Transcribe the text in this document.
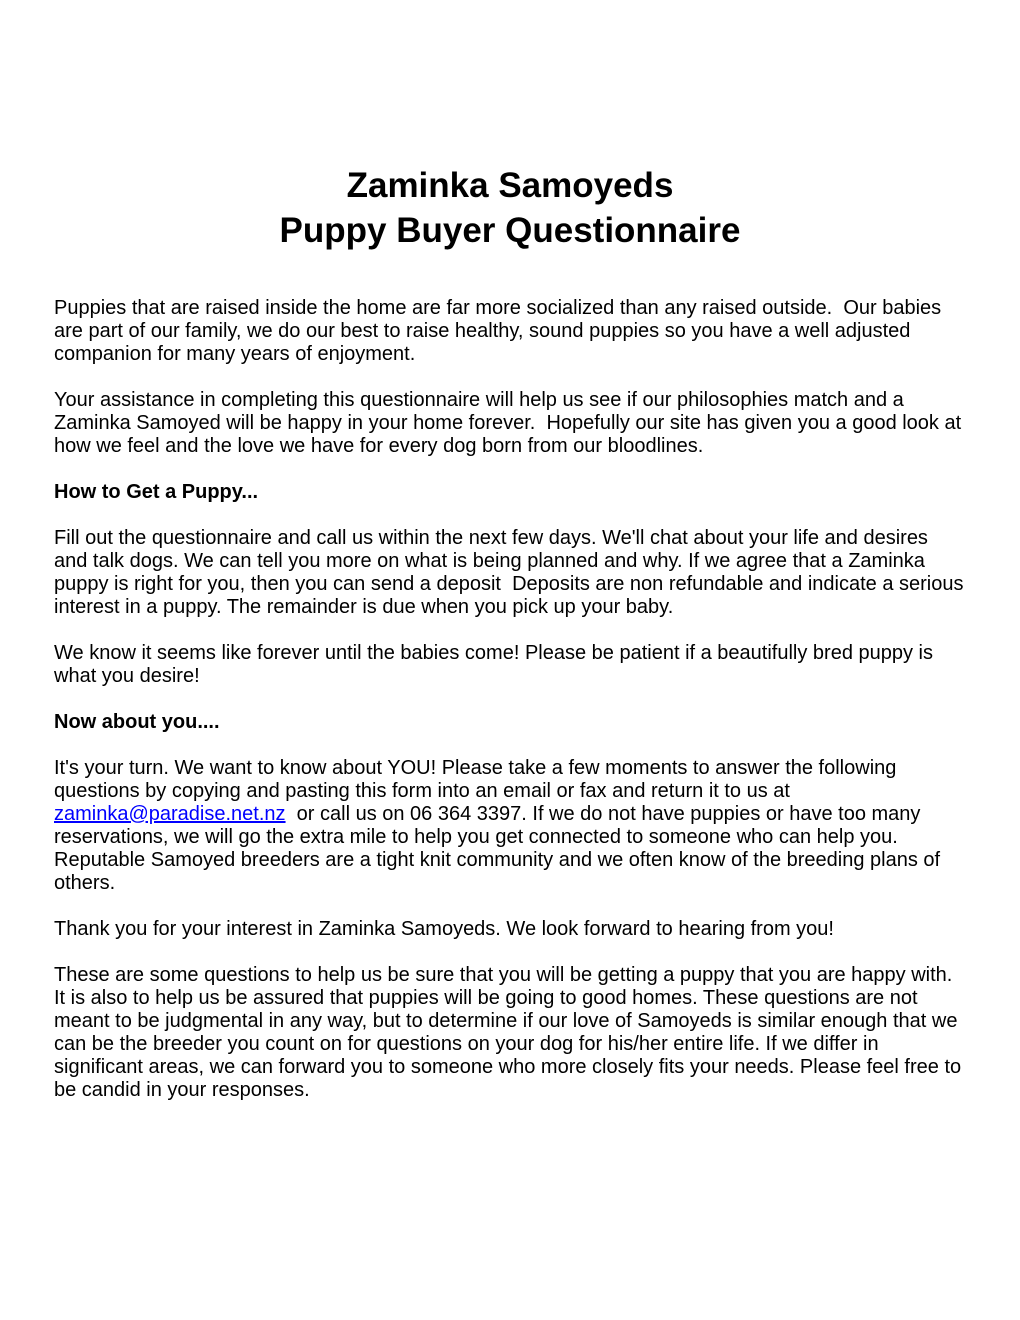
Zaminka Samoyeds
Puppy Buyer Questionnaire

Puppies that are raised inside the home are far more socialized than any raised outside.  Our babies are part of our family, we do our best to raise healthy, sound puppies so you have a well adjusted companion for many years of enjoyment.

Your assistance in completing this questionnaire will help us see if our philosophies match and a Zaminka Samoyed will be happy in your home forever.  Hopefully our site has given you a good look at how we feel and the love we have for every dog born from our bloodlines.

How to Get a Puppy...

Fill out the questionnaire and call us within the next few days. We'll chat about your life and desires and talk dogs. We can tell you more on what is being planned and why. If we agree that a Zaminka puppy is right for you, then you can send a deposit  Deposits are non refundable and indicate a serious interest in a puppy. The remainder is due when you pick up your baby.

We know it seems like forever until the babies come! Please be patient if a beautifully bred puppy is what you desire!

Now about you....

It's your turn. We want to know about YOU! Please take a few moments to answer the following questions by copying and pasting this form into an email or fax and return it to us at zaminka@paradise.net.nz  or call us on 06 364 3397. If we do not have puppies or have too many reservations, we will go the extra mile to help you get connected to someone who can help you. Reputable Samoyed breeders are a tight knit community and we often know of the breeding plans of others.

Thank you for your interest in Zaminka Samoyeds. We look forward to hearing from you!

These are some questions to help us be sure that you will be getting a puppy that you are happy with.  It is also to help us be assured that puppies will be going to good homes. These questions are not meant to be judgmental in any way, but to determine if our love of Samoyeds is similar enough that we can be the breeder you count on for questions on your dog for his/her entire life. If we differ in significant areas, we can forward you to someone who more closely fits your needs. Please feel free to be candid in your responses.
